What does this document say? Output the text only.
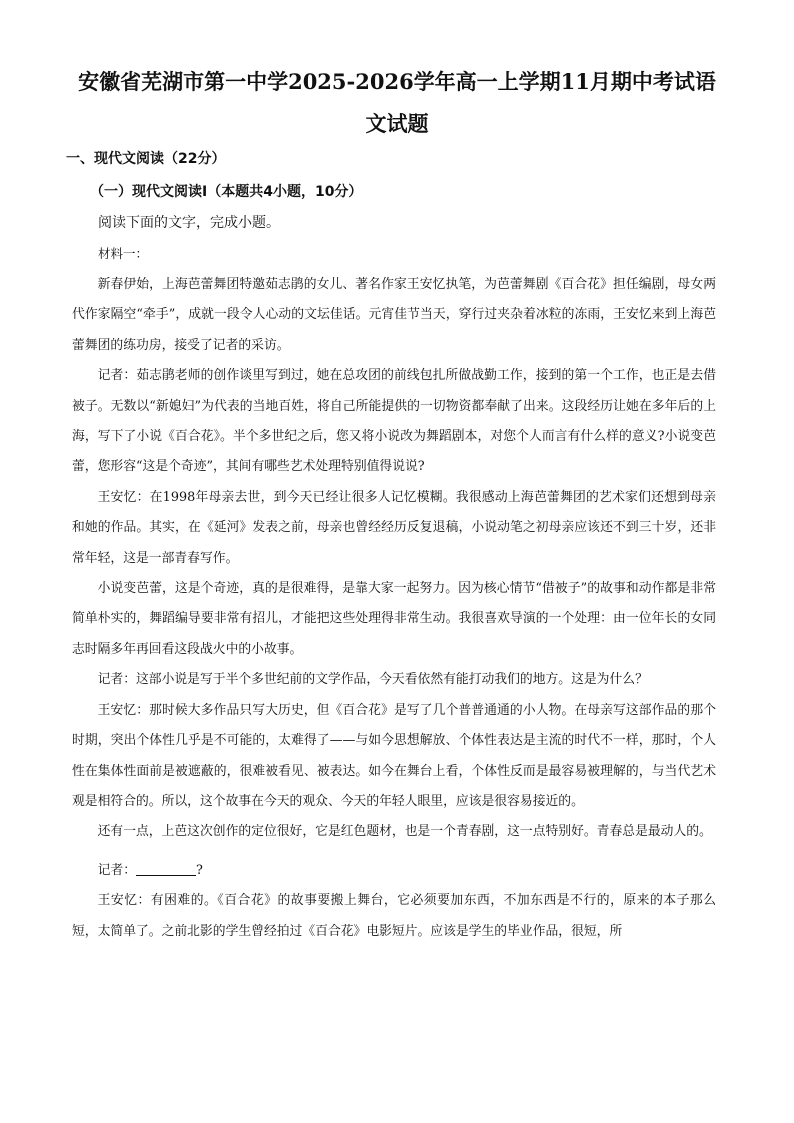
安徽省芜湖市第一中学2025-2026学年高一上学期11月期中考试语
文试题
一、现代文阅读（22分）
（一）现代文阅读Ⅰ（本题共4小题，10分）
阅读下面的文字，完成小题。
材料一：

新春伊始，上海芭蕾舞团特邀茹志鹃的女儿、著名作家王安忆执笔，为芭蕾舞剧《百合花》担任编剧，母女两代作家隔空“牵手”，成就一段令人心动的文坛佳话。元宵佳节当天，穿行过夹杂着冰粒的冻雨，王安忆来到上海芭蕾舞团的练功房，接受了记者的采访。

记者：茹志鹃老师的创作谈里写到过，她在总攻团的前线包扎所做战勤工作，接到的第一个工作，也正是去借被子。无数以“新媳妇”为代表的当地百姓，将自己所能提供的一切物资都奉献了出来。这段经历让她在多年后的上海，写下了小说《百合花》。半个多世纪之后，您又将小说改为舞蹈剧本，对您个人而言有什么样的意义?小说变芭蕾，您形容“这是个奇迹”，其间有哪些艺术处理特别值得说说?

王安忆：在1998年母亲去世，到今天已经让很多人记忆模糊。我很感动上海芭蕾舞团的艺术家们还想到母亲和她的作品。其实，在《延河》发表之前，母亲也曾经经历反复退稿，小说动笔之初母亲应该还不到三十岁，还非常年轻，这是一部青春写作。

小说变芭蕾，这是个奇迹，真的是很难得，是靠大家一起努力。因为核心情节“借被子”的故事和动作都是非常简单朴实的，舞蹈编导要非常有招儿，才能把这些处理得非常生动。我很喜欢导演的一个处理：由一位年长的女同志时隔多年再回看这段战火中的小故事。

记者：这部小说是写于半个多世纪前的文学作品，今天看依然有能打动我们的地方。这是为什么？

王安忆：那时候大多作品只写大历史，但《百合花》是写了几个普普通通的小人物。在母亲写这部作品的那个时期，突出个体性几乎是不可能的，太难得了——与如今思想解放、个体性表达是主流的时代不一样，那时，个人性在集体性面前是被遮蔽的，很难被看见、被表达。如今在舞台上看，个体性反而是最容易被理解的，与当代艺术观是相符合的。所以，这个故事在今天的观众、今天的年轻人眼里，应该是很容易接近的。

还有一点，上芭这次创作的定位很好，它是红色题材，也是一个青春剧，这一点特别好。青春总是最动人的。

记者：	?

王安忆：有困难的。《百合花》的故事要搬上舞台，它必须要加东西，不加东西是不行的，原来的本子那么短，太简单了。之前北影的学生曾经拍过《百合花》电影短片。应该是学生的毕业作品，很短，所
